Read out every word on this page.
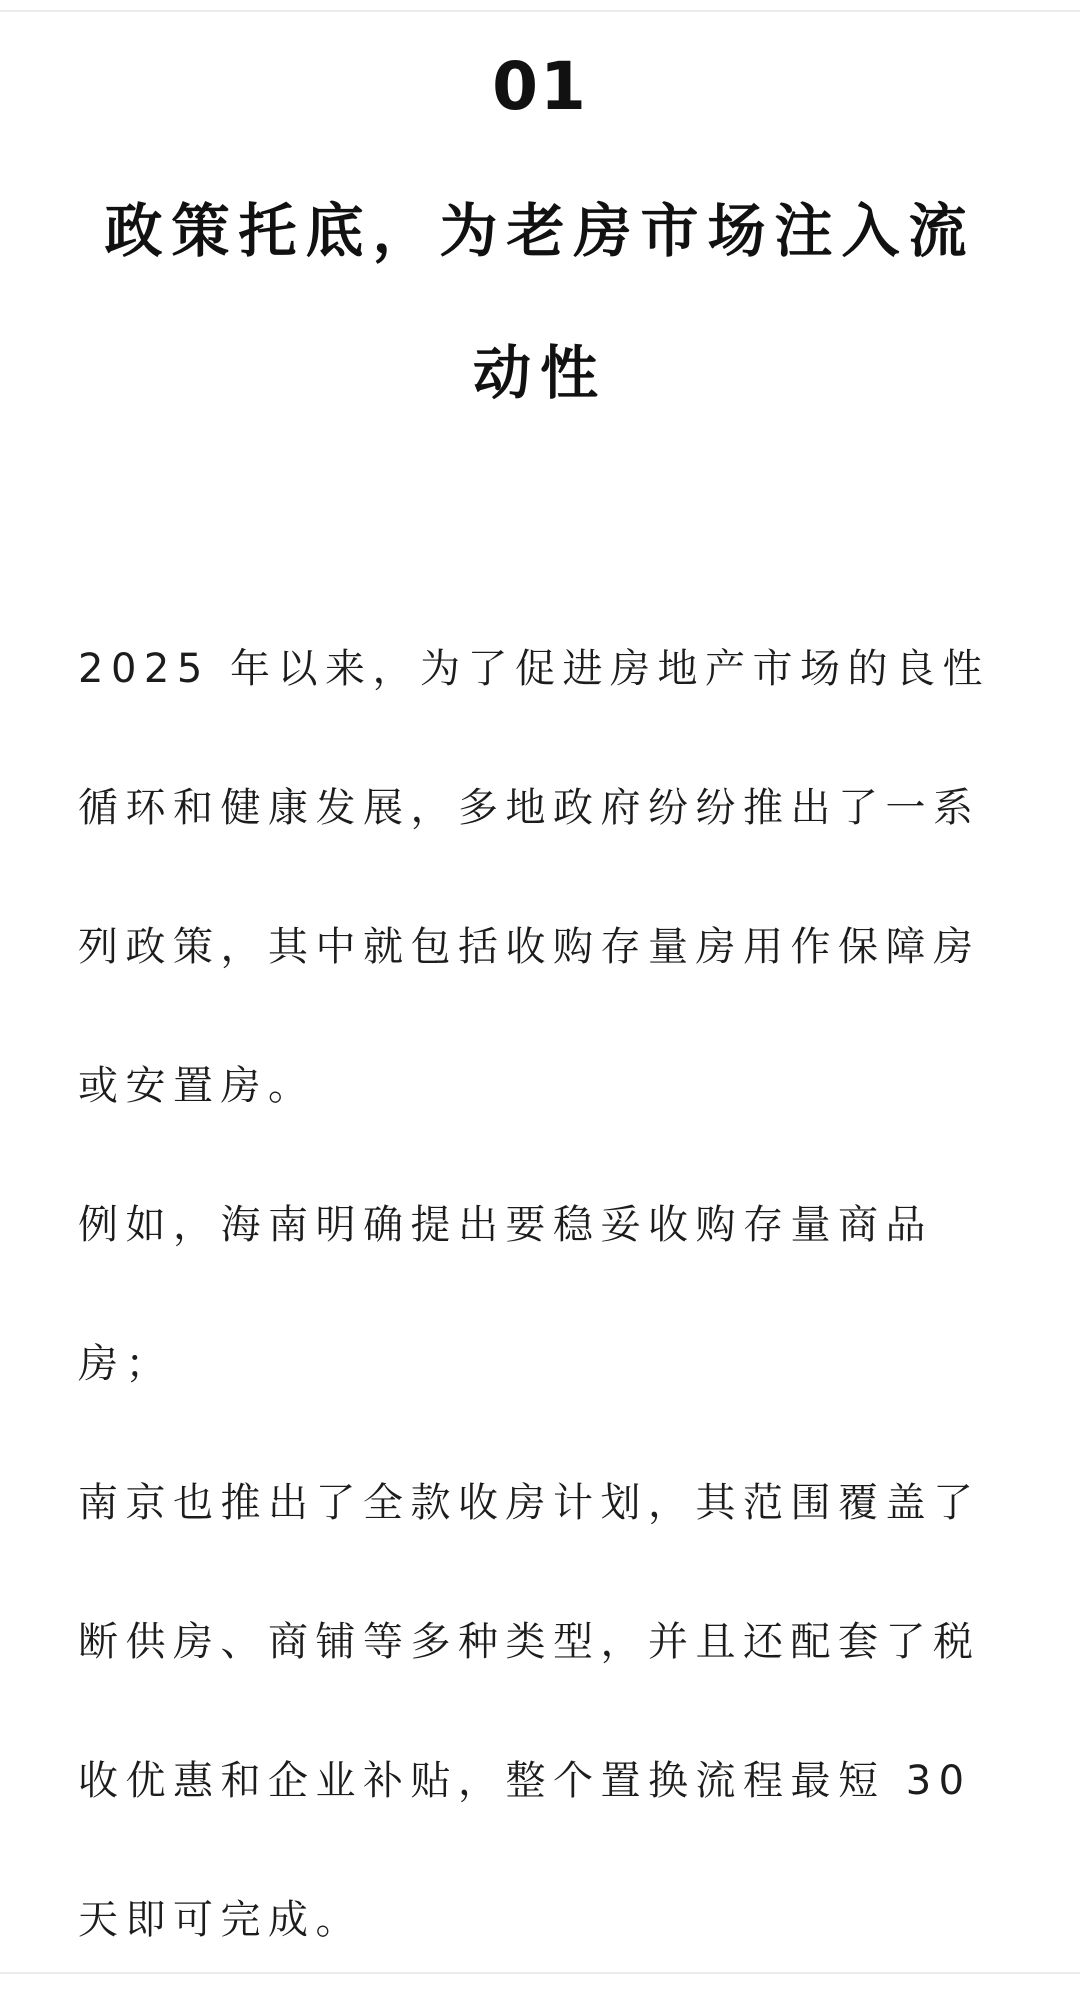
01
政策托底，为老房市场注入流
动性

2025 年以来，为了促进房地产市场的良性
循环和健康发展，多地政府纷纷推出了一系
列政策，其中就包括收购存量房用作保障房
或安置房。

例如，海南明确提出要稳妥收购存量商品
房；

南京也推出了全款收房计划，其范围覆盖了
断供房、商铺等多种类型，并且还配套了税
收优惠和企业补贴，整个置换流程最短 30
天即可完成。
